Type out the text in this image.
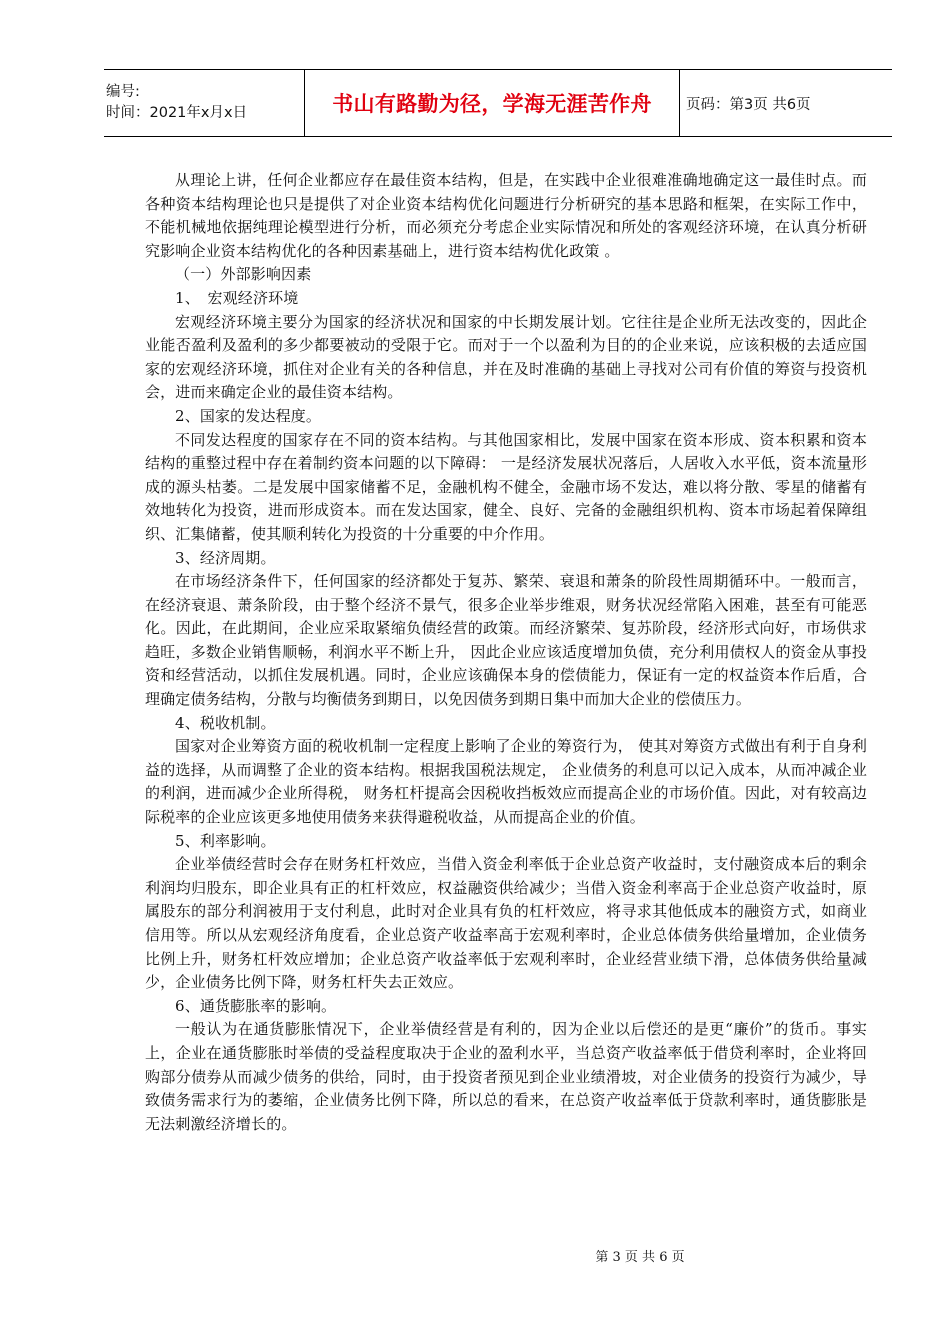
编号:
时间：2021年x月x日	书山有路勤为径，学海无涯苦作舟	页码：第3页 共6页

从理论上讲，任何企业都应存在最佳资本结构，但是，在实践中企业很难准确地确定这一最佳时点。而各种资本结构理论也只是提供了对企业资本结构优化问题进行分析研究的基本思路和框架，在实际工作中，不能机械地依据纯理论模型进行分析，而必须充分考虑企业实际情况和所处的客观经济环境，在认真分析研究影响企业资本结构优化的各种因素基础上，进行资本结构优化政策 。

（一）外部影响因素

1、　宏观经济环境

宏观经济环境主要分为国家的经济状况和国家的中长期发展计划。它往往是企业所无法改变的，因此企业能否盈利及盈利的多少都要被动的受限于它。而对于一个以盈利为目的的企业来说，应该积极的去适应国家的宏观经济环境，抓住对企业有关的各种信息，并在及时准确的基础上寻找对公司有价值的筹资与投资机会，进而来确定企业的最佳资本结构。

2、国家的发达程度。

不同发达程度的国家存在不同的资本结构。与其他国家相比，发展中国家在资本形成、资本积累和资本结构的重整过程中存在着制约资本问题的以下障碍： 一是经济发展状况落后，人居收入水平低，资本流量形成的源头枯萎。二是发展中国家储蓄不足，金融机构不健全，金融市场不发达，难以将分散、零星的储蓄有效地转化为投资，进而形成资本。而在发达国家，健全、良好、完备的金融组织机构、资本市场起着保障组织、汇集储蓄，使其顺利转化为投资的十分重要的中介作用。

3、经济周期。

在市场经济条件下，任何国家的经济都处于复苏、繁荣、衰退和萧条的阶段性周期循环中。一般而言，在经济衰退、萧条阶段，由于整个经济不景气，很多企业举步维艰，财务状况经常陷入困难，甚至有可能恶化。因此，在此期间，企业应采取紧缩负债经营的政策。而经济繁荣、复苏阶段，经济形式向好，市场供求趋旺，多数企业销售顺畅，利润水平不断上升， 因此企业应该适度增加负债，充分利用债权人的资金从事投资和经营活动，以抓住发展机遇。同时，企业应该确保本身的偿债能力，保证有一定的权益资本作后盾，合理确定债务结构，分散与均衡债务到期日，以免因债务到期日集中而加大企业的偿债压力。

4、税收机制。

国家对企业筹资方面的税收机制一定程度上影响了企业的筹资行为， 使其对筹资方式做出有利于自身利益的选择，从而调整了企业的资本结构。根据我国税法规定， 企业债务的利息可以记入成本，从而冲减企业的利润，进而减少企业所得税， 财务杠杆提高会因税收挡板效应而提高企业的市场价值。因此，对有较高边际税率的企业应该更多地使用债务来获得避税收益，从而提高企业的价值。

5、利率影响。

企业举债经营时会存在财务杠杆效应，当借入资金利率低于企业总资产收益时，支付融资成本后的剩余利润均归股东，即企业具有正的杠杆效应，权益融资供给减少；当借入资金利率高于企业总资产收益时，原属股东的部分利润被用于支付利息，此时对企业具有负的杠杆效应，将寻求其他低成本的融资方式，如商业信用等。所以从宏观经济角度看，企业总资产收益率高于宏观利率时，企业总体债务供给量增加，企业债务比例上升，财务杠杆效应增加；企业总资产收益率低于宏观利率时，企业经营业绩下滑，总体债务供给量减少，企业债务比例下降，财务杠杆失去正效应。

6、通货膨胀率的影响。

一般认为在通货膨胀情况下，企业举债经营是有利的，因为企业以后偿还的是更“廉价”的货币。事实上，企业在通货膨胀时举债的受益程度取决于企业的盈利水平，当总资产收益率低于借贷利率时，企业将回购部分债券从而减少债务的供给，同时，由于投资者预见到企业业绩滑坡，对企业债务的投资行为减少，导致债务需求行为的萎缩，企业债务比例下降，所以总的看来，在总资产收益率低于贷款利率时，通货膨胀是无法刺激经济增长的。

第 3 页 共 6 页
